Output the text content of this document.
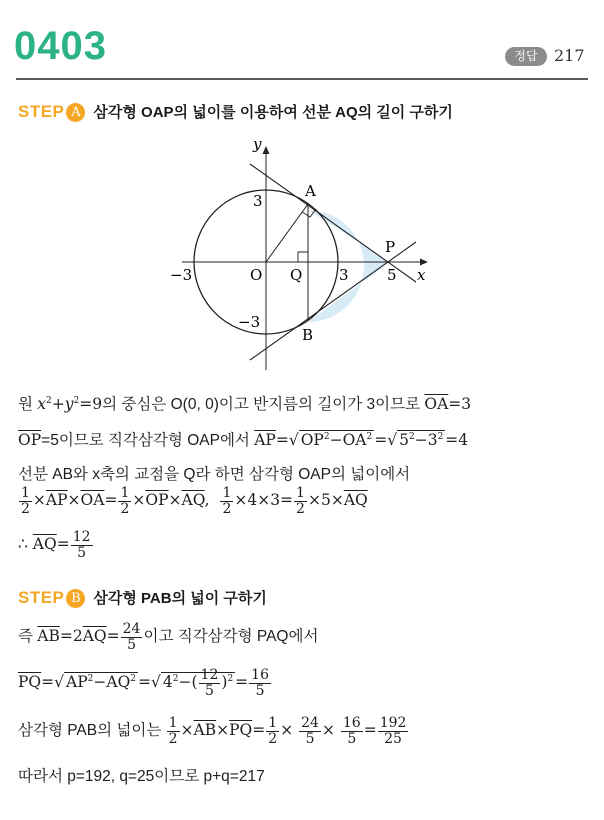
0403	정답	217
STEP A 삼각형 OAP의 넓이를 이용하여 선분 AQ의 길이 구하기
y
x
A
B
P
O Q
3
−3
−3	3	5
원 $x^2+y^2=9$의 중심은 O(0, 0)이고 반지름의 길이가 3이므로 $\overline{OA}=3$
$\overline{OP}=5$이므로 직각삼각형 OAP에서 $\overline{AP}=√$ $OP^2-\overline{OA}^2$ =√ $5^2-3^2 =4$
선분 AB와 x축의 교점을 Q라 하면 삼각형 OAP의 넓이에서
$\frac{1}{2} \times\overline{AP}\times\overline{OA}= \frac{1}{2} \times\overline{OP}\times\overline{AQ}$, $\frac{1}{2} \times 4\times 3= \frac{1}{2} \times 5\times\overline{AQ}$
∴ $\overline{AQ}= \frac{12}{5}$
STEP B 삼각형 PAB의 넓이 구하기
즉 $\overline{AB}=2\overline{AQ}= \frac{24}{5}$ 이고 직각삼각형 PAQ에서
$\overline{PQ}=√$ $AP^2-\overline{AQ}^2$ =√ $4^2-( \frac{12}{5} )^2 = \frac{16}{5}$
삼각형 PAB의 넓이는 $\frac{1}{2} \times\overline{AB}\times\overline{PQ}= \frac{1}{2} \times \frac{24}{5} \times \frac{16}{5} = \frac{192}{25}$
따라서 p=192, q=25이므로 p+q=217
